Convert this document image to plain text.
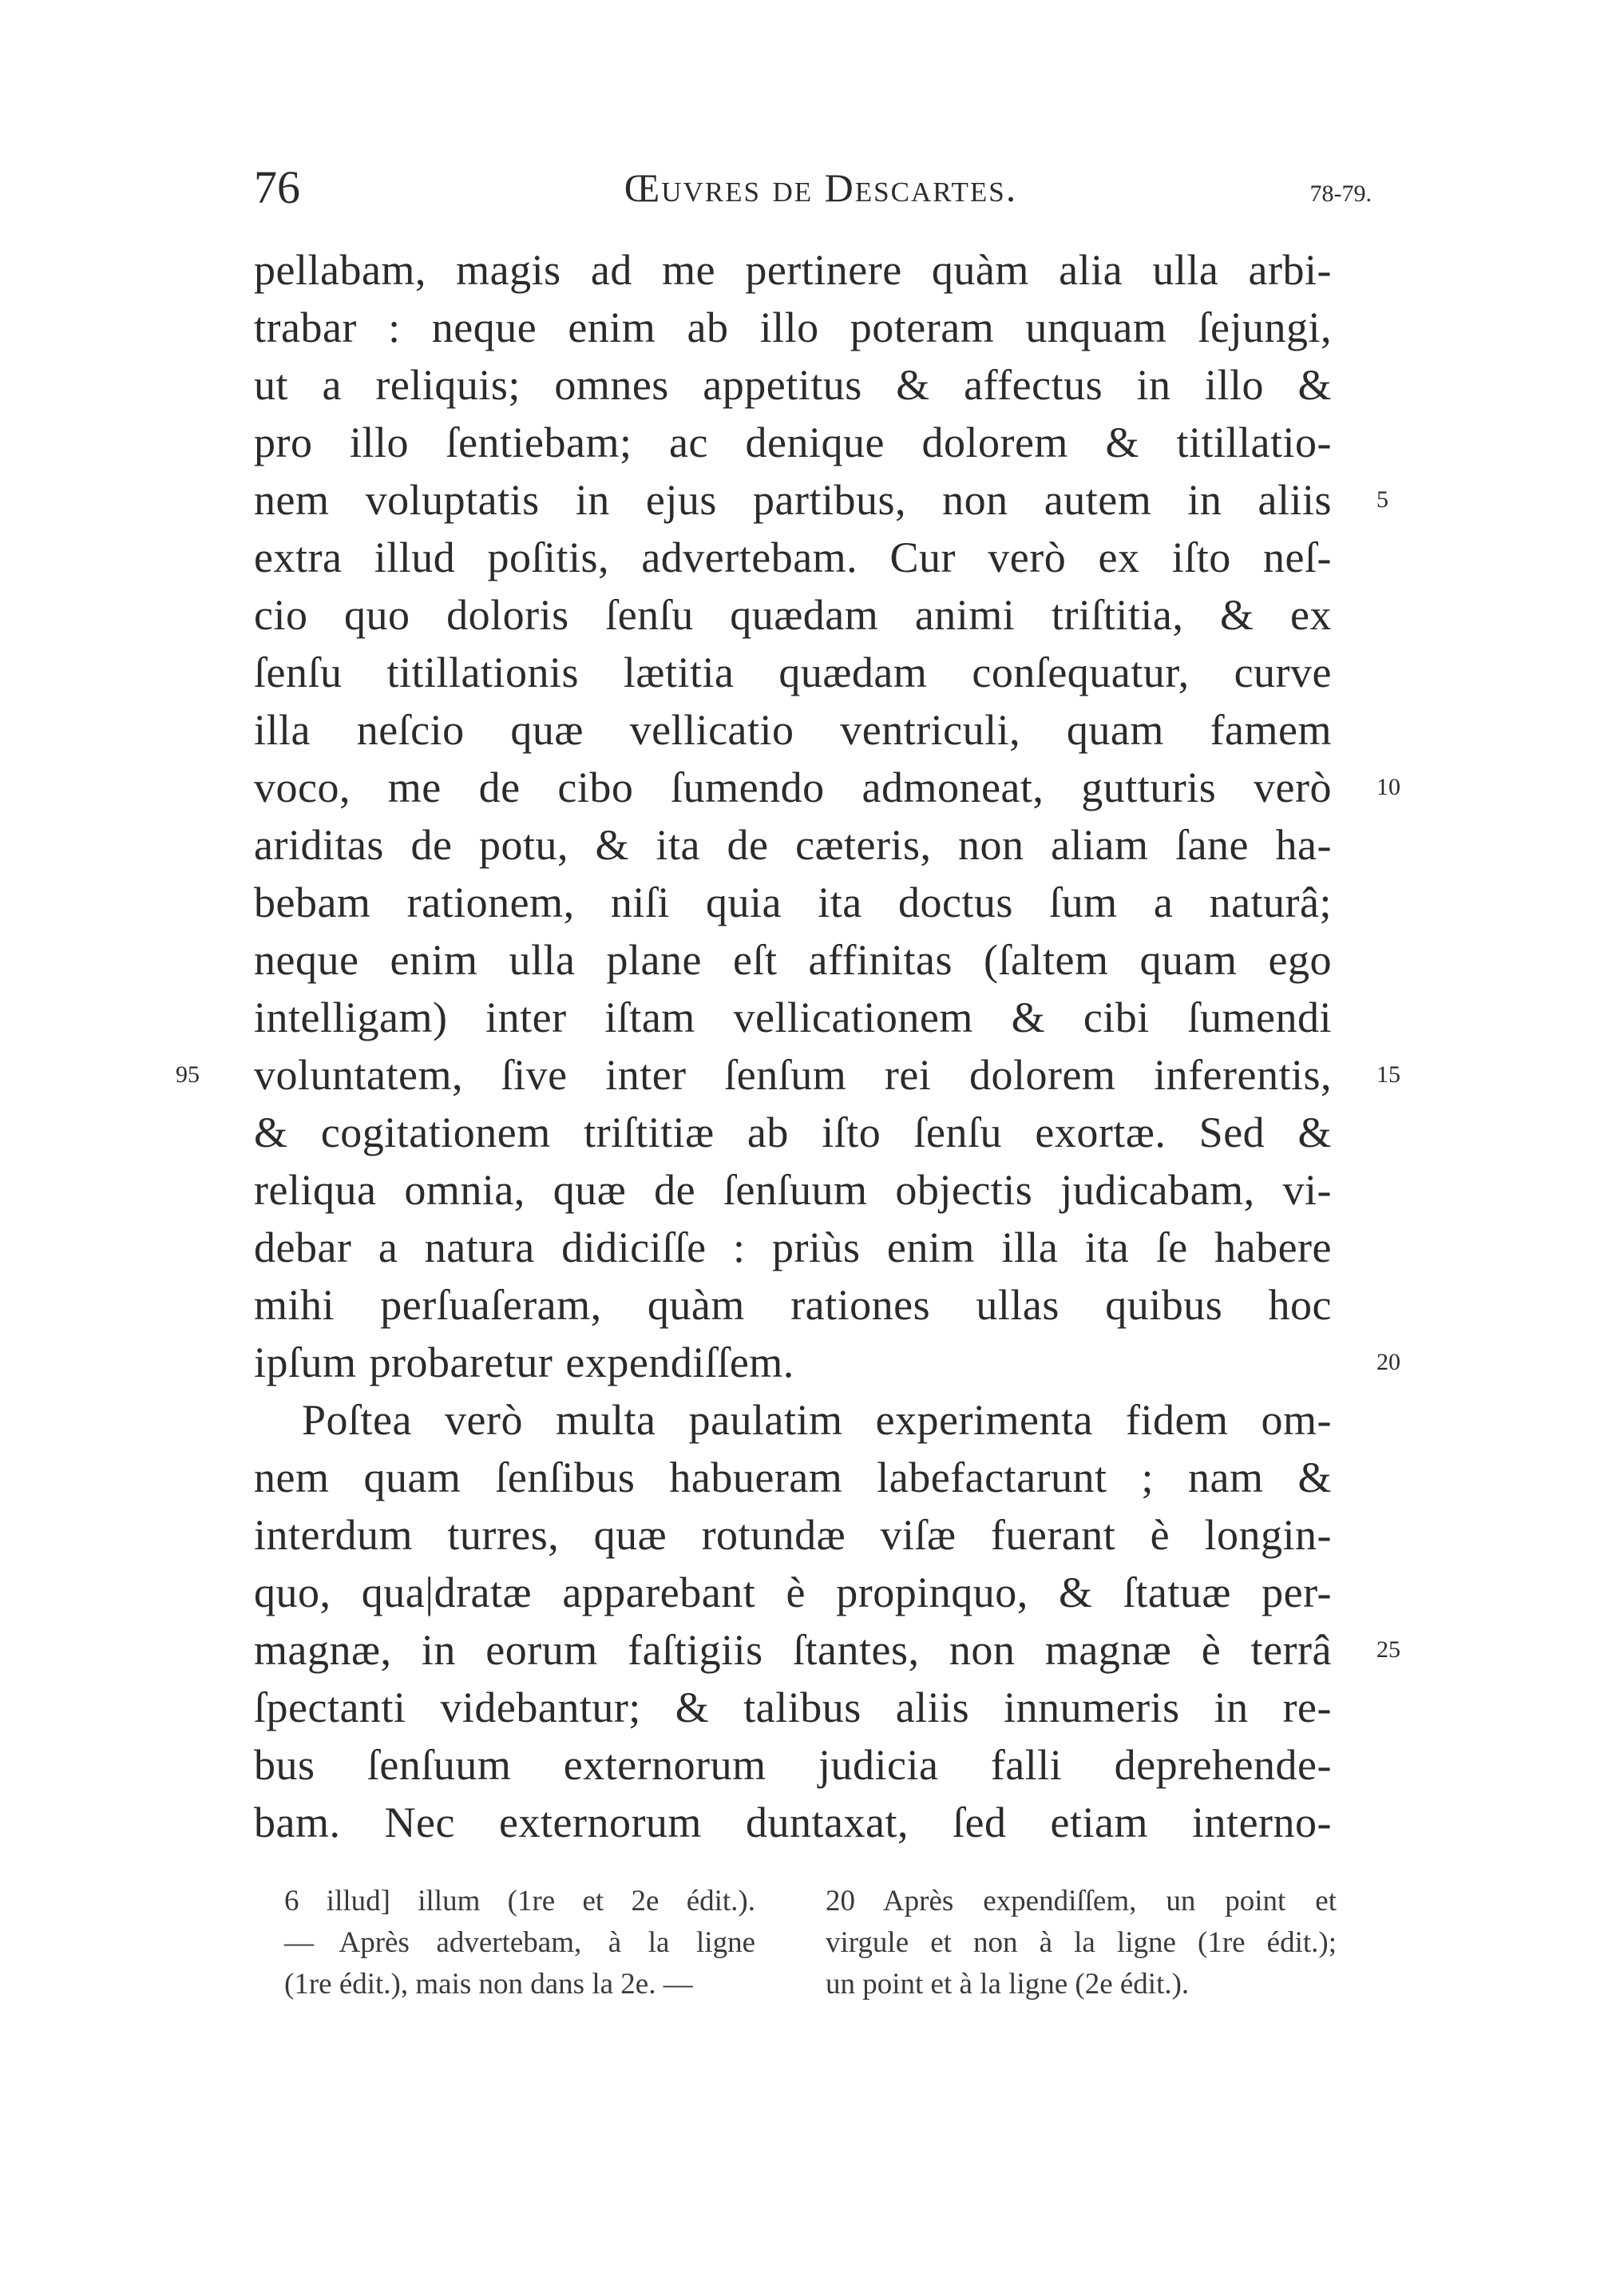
76	Œuvres de Descartes.	78-79.
pellabam, magis ad me pertinere quàm alia ulla arbi-
trabar : neque enim ab illo poteram unquam ſejungi,
ut a reliquis; omnes appetitus & affectus in illo &
pro illo ſentiebam; ac denique dolorem & titillatio-
nem voluptatis in ejus partibus, non autem in aliis
extra illud poſitis, advertebam. Cur verò ex iſto neſ-
cio quo doloris ſenſu quædam animi triſtitia, & ex
ſenſu titillationis lætitia quædam conſequatur, curve
illa neſcio quæ vellicatio ventriculi, quam famem
voco, me de cibo ſumendo admoneat, gutturis verò
ariditas de potu, & ita de cæteris, non aliam ſane ha-
bebam rationem, niſi quia ita doctus ſum a naturâ;
neque enim ulla plane eſt affinitas (ſaltem quam ego
intelligam) inter iſtam vellicationem & cibi ſumendi
voluntatem, ſive inter ſenſum rei dolorem inferentis,
& cogitationem triſtitiæ ab iſto ſenſu exortæ. Sed &
reliqua omnia, quæ de ſenſuum objectis judicabam, vi-
debar a natura didiciſſe : priùs enim illa ita ſe habere
mihi perſuaſeram, quàm rationes ullas quibus hoc
ipſum probaretur expendiſſem.
Poſtea verò multa paulatim experimenta fidem om-
nem quam ſenſibus habueram labefactarunt ; nam &
interdum turres, quæ rotundæ viſæ fuerant è longin-
quo, qua|dratæ apparebant è propinquo, & ſtatuæ per-
magnæ, in eorum faſtigiis ſtantes, non magnæ è terrâ
ſpectanti videbantur; & talibus aliis innumeris in re-
bus ſenſuum externorum judicia falli deprehende-
bam. Nec externorum duntaxat, ſed etiam interno-
5
10
15
20
25
95
6 illud] illum (1re et 2e édit.).
— Après advertebam, à la ligne
(1re édit.), mais non dans la 2e. —
20 Après expendiſſem, un point et
virgule et non à la ligne (1re édit.);
un point et à la ligne (2e édit.).
